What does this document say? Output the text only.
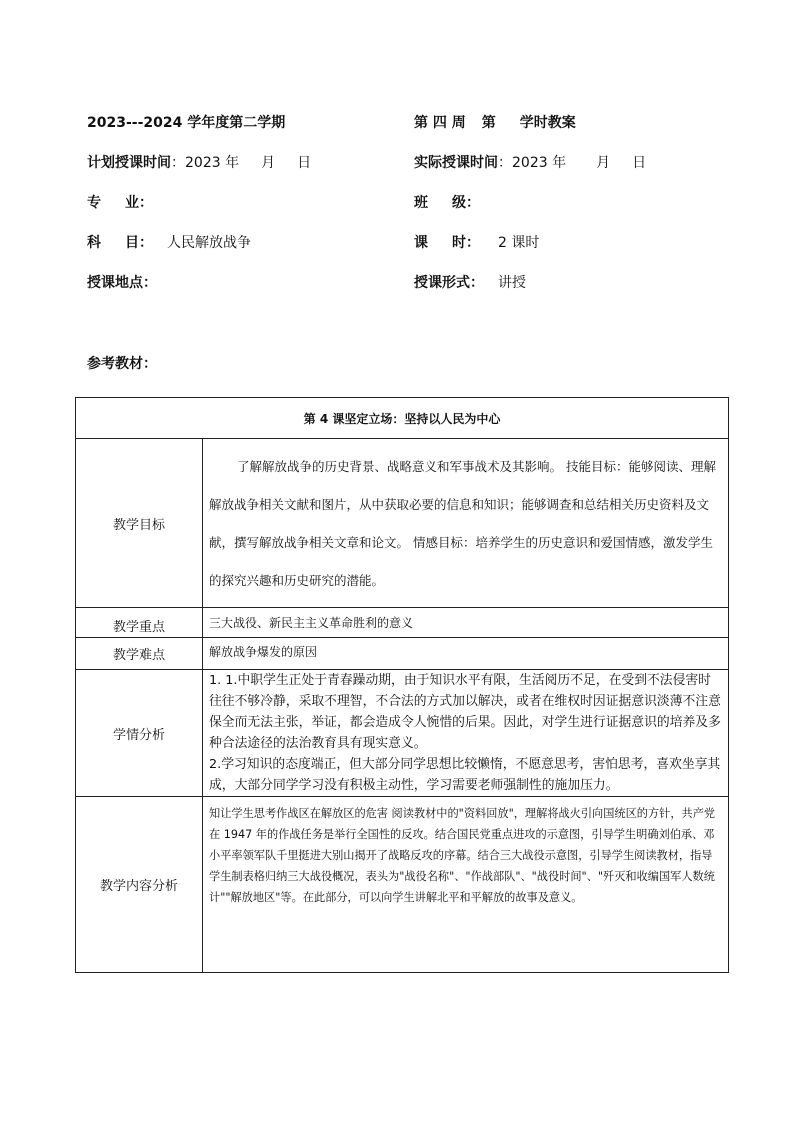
2023---2024 学年度第二学期	第 四 周 第 学时教案
计划授课时间：2023 年 月 日	实际授课时间：2023 年 月 日
专 业：	班 级：
科 目： 人民解放战争	课 时： 2 课时
授课地点：	授课形式： 讲授
参考教材：
第 4 课坚定立场：坚持以人民为中心	
教学目标	了解解放战争的历史背景、战略意义和军事战术及其影响。 技能目标：能够阅读、理解解放战争相关文献和图片，从中获取必要的信息和知识；能够调查和总结相关历史资料及文献，撰写解放战争相关文章和论文。 情感目标：培养学生的历史意识和爱国情感，激发学生的探究兴趣和历史研究的潜能。
教学重点	三大战役、新民主主义革命胜利的意义
教学难点	解放战争爆发的原因
学情分析	1. 1.中职学生正处于青春躁动期，由于知识水平有限，生活阅历不足，在受到不法侵害时往往不够冷静，采取不理智，不合法的方式加以解决，或者在维权时因证据意识淡薄不注意保全而无法主张，举证，都会造成令人惋惜的后果。因此，对学生进行证据意识的培养及多种合法途径的法治教育具有现实意义。

2.学习知识的态度端正，但大部分同学思想比较懒惰，不愿意思考，害怕思考，喜欢坐享其成，大部分同学学习没有积极主动性，学习需要老师强制性的施加压力。

教学内容分析	知让学生思考作战区在解放区的危害 阅读教材中的"资料回放"，理解将战火引向国统区的方针，共产党在 1947 年的作战任务是举行全国性的反攻。结合国民党重点进攻的示意图，引导学生明确刘伯承、邓小平率领军队千里挺进大别山揭开了战略反攻的序幕。结合三大战役示意图，引导学生阅读教材，指导学生制表格归纳三大战役概况，表头为"战役名称"、"作战部队"、"战役时间"、"歼灭和收编国军人数统计""解放地区"等。在此部分，可以向学生讲解北平和平解放的故事及意义。
